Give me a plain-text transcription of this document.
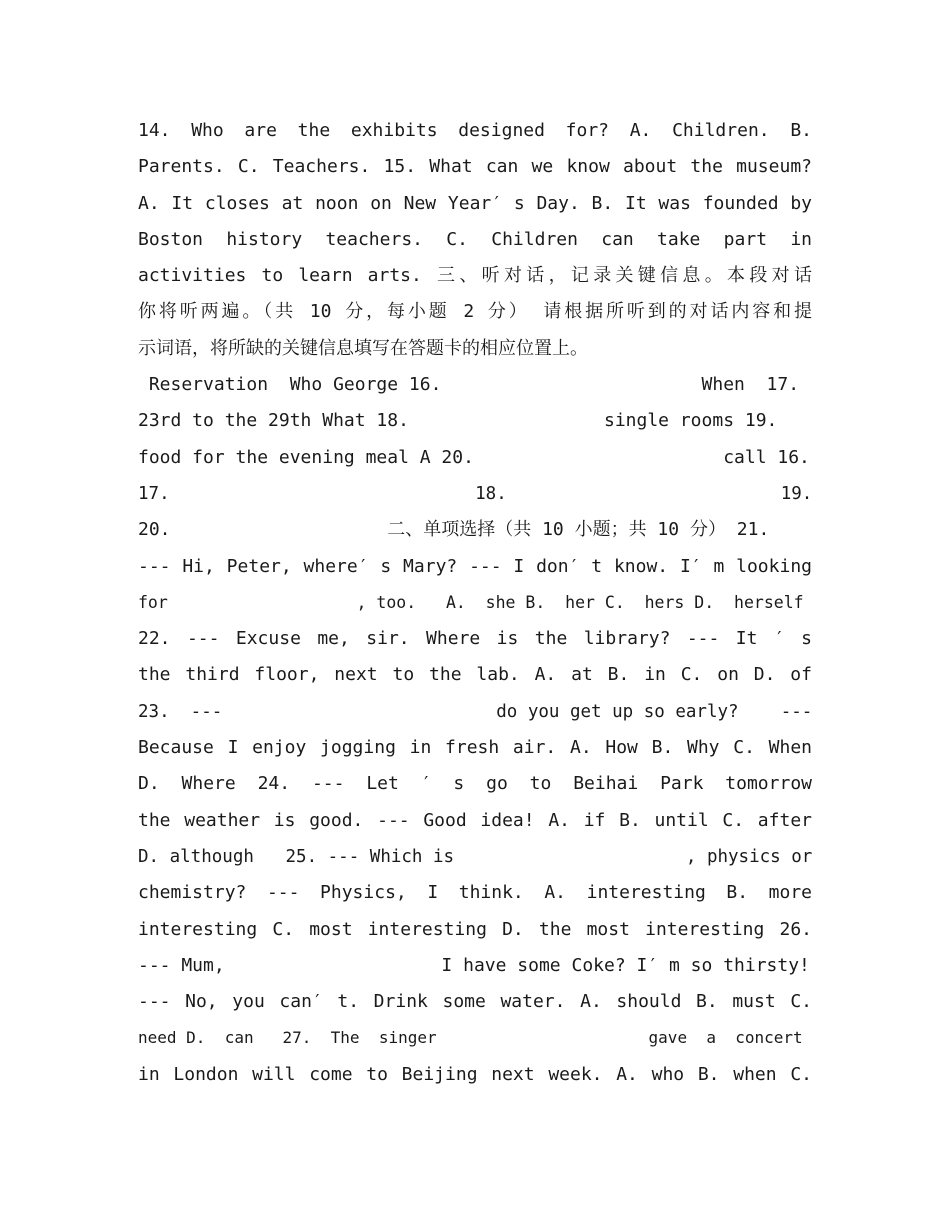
14. Who are the exhibits designed for? A. Children. B.
Parents. C. Teachers. 15. What can we know about the museum?
A. It closes at noon on New Year′ s Day. B. It was founded by
Boston history teachers. C. Children can take part in
activities to learn arts. 三、听对话，记录关键信息。本段对话
你将听两遍。（共 10 分，每小题 2 分） 请根据所听到的对话内容和提
示词语，将所缺的关键信息填写在答题卡的相应位置上。
Reservation  Who George 16.                        When  17.
23rd to the 29th What 18.                  single rooms 19.
food for the evening meal A 20.                       call 16.
17.                             18.                          19.
20.                    二、单项选择（共 10 小题；共 10 分） 21.
--- Hi, Peter, where′ s Mary? --- I don′ t know. I′ m looking
for                   , too.   A.  she B.  her C.  hers D.  herself
22. --- Excuse me, sir. Where is the library? --- It ′ s
the third floor, next to the lab. A. at B. in C. on D. of
23.  ---                          do you get up so early?    ---
Because I enjoy jogging in fresh air. A. How B. Why C. When
D. Where 24. --- Let ′ s go to Beihai Park tomorrow
the weather is good. --- Good idea! A. if B. until C. after
D. although   25. --- Which is                      , physics or
chemistry? --- Physics, I think. A. interesting B. more
interesting C. most interesting D. the most interesting 26.
--- Mum,                    I have some Coke? I′ m so thirsty!
--- No, you can′ t. Drink some water. A. should B. must C.
need D.  can   27.  The  singer                      gave  a  concert
in London will come to Beijing next week. A. who B. when C.
